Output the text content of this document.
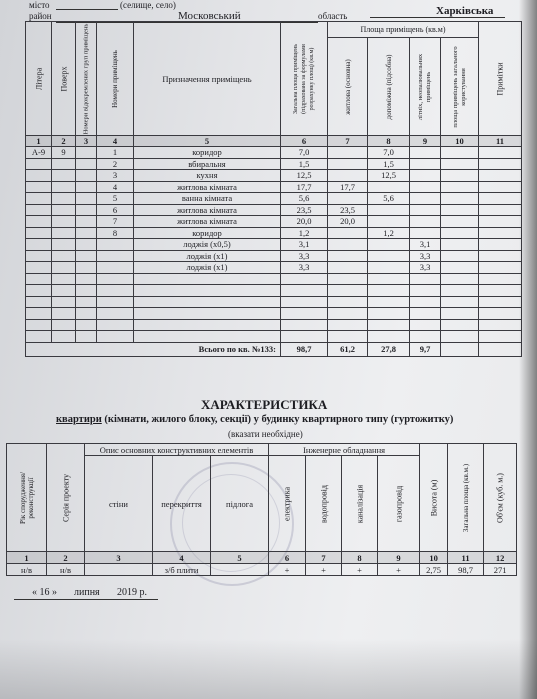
місто	(селище, село)
район	Московський	область	Харківська
Літера	Поверх	Номери відокремлених груп приміщень	Номери приміщень	Призначення приміщень	Загальна площа приміщень (підрахована за формулами розрахунку площ) (кв.м)	Площа приміщень (кв.м)				Примітки

						житлова (основна)	допоміжна (підсобна)	літніх, неопалювальних приміщень	площа приміщень загального користування	

1	2	3	4	5	6	7	8	9	10	11
А-9	9		1	коридор	7,0		7,0			
			2	вбиральня	1,5		1,5			
			3	кухня	12,5		12,5			
			4	житлова кімната	17,7	17,7				
			5	ванна кімната	5,6		5,6			
			6	житлова кімната	23,5	23,5				
			7	житлова кімната	20,0	20,0				
			8	коридор	1,2		1,2			
				лоджія (х0,5)	3,1			3,1		
				лоджія (х1)	3,3			3,3		
				лоджія (х1)	3,3			3,3		

Всього по кв. №133:					98,7	61,2	27,8	9,7		
ХАРАКТЕРИСТИКА
квартири (кімнати, жилого блоку, секції) у будинку квартирного типу (гуртожитку)
(вказати необхідне)
Рік спорудження/ реконструкції	Серія проекту	Опис основних конструктивних елементів			Інженерне обладнання				Висота (м)	Загальна площа (кв.м.)	Об'єм (куб. м.)

		стіни	перекриття	підлога	електрика	водопровід	каналізація	газопровід			

1	2	3	4	5	6	7	8	9	10	11	12
н/в	н/в		з/б плити		+	+	+	+	2,75	98,7	271
« 16 » липня 2019 р.
